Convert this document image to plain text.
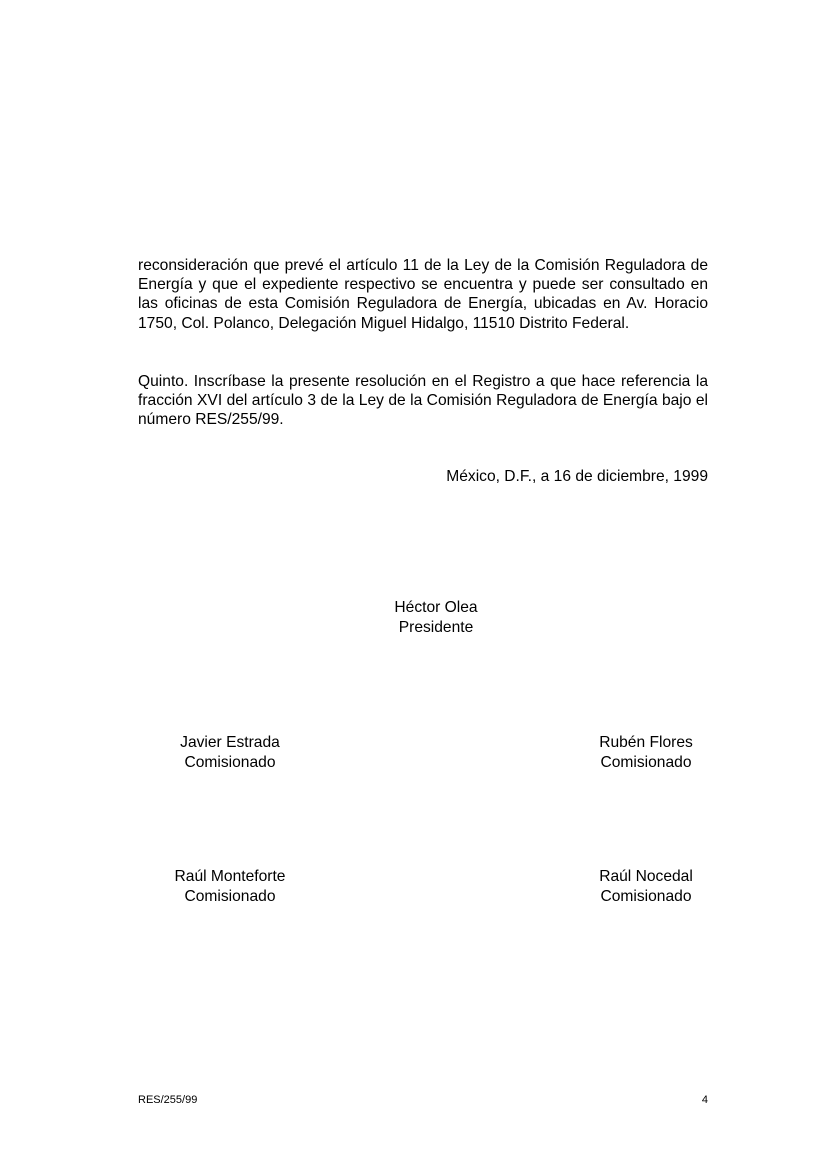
reconsideración que prevé el artículo 11 de la Ley de la Comisión Reguladora de Energía y que el expediente respectivo se encuentra y puede ser consultado en las oficinas de esta Comisión Reguladora de Energía, ubicadas en Av. Horacio 1750, Col. Polanco, Delegación Miguel Hidalgo, 11510 Distrito Federal.

Quinto. Inscríbase la presente resolución en el Registro a que hace referencia la fracción XVI del artículo 3 de la Ley de la Comisión Reguladora de Energía bajo el número RES/255/99.

México, D.F., a 16 de diciembre, 1999
Héctor Olea
Presidente
Javier Estrada
Comisionado
Rubén Flores
Comisionado
Raúl Monteforte
Comisionado
Raúl Nocedal
Comisionado
RES/255/99	4
